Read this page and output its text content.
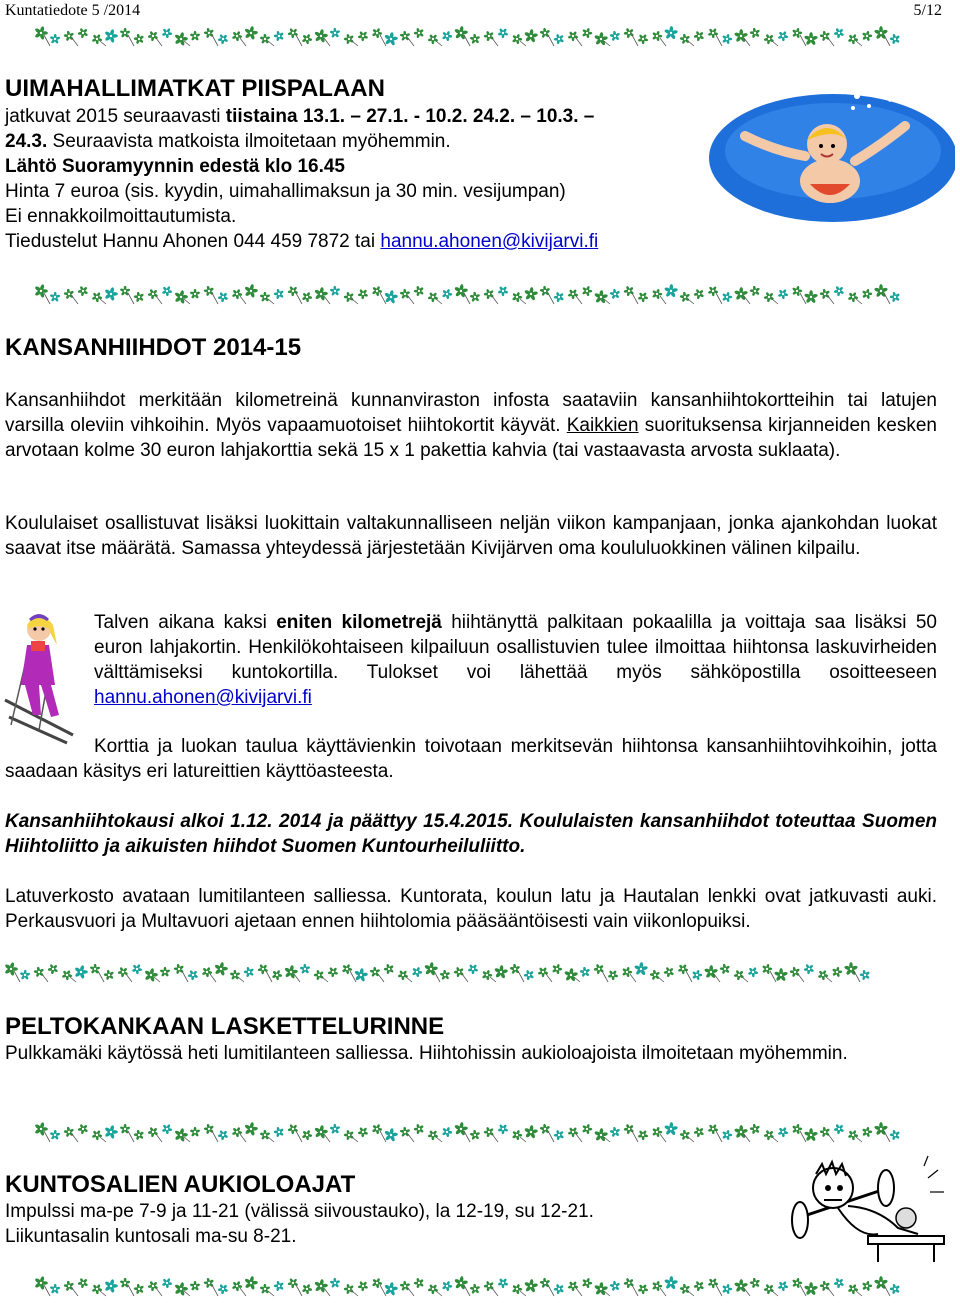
Kuntatiedote 5 /2014	5/12
UIMAHALLIMATKAT PIISPALAAN
jatkuvat 2015 seuraavasti tiistaina 13.1. – 27.1. - 10.2. 24.2. – 10.3. –
24.3. Seuraavista matkoista ilmoitetaan myöhemmin.
Lähtö Suoramyynnin edestä klo 16.45
Hinta 7 euroa (sis. kyydin, uimahallimaksun ja 30 min. vesijumpan)
Ei ennakkoilmoittautumista.
Tiedustelut Hannu Ahonen 044 459 7872 tai hannu.ahonen@kivijarvi.fi
KANSANHIIHDOT 2014-15

Kansanhiihdot merkitään kilometreinä kunnanviraston infosta saataviin kansanhiihtokortteihin tai latujen varsilla oleviin vihkoihin. Myös vapaamuotoiset hiihtokortit käyvät. Kaikkien suorituksensa kirjanneiden kesken arvotaan kolme 30 euron lahjakorttia sekä 15 x 1 pakettia kahvia (tai vastaavasta arvosta suklaata).

Koululaiset osallistuvat lisäksi luokittain valtakunnalliseen neljän viikon kampanjaan, jonka ajankohdan luokat saavat itse määrätä. Samassa yhteydessä järjestetään Kivijärven oma koululuokkinen välinen kilpailu.

Talven aikana kaksi eniten kilometrejä hiihtänyttä palkitaan pokaalilla ja voittaja saa lisäksi 50 euron lahjakortin. Henkilökohtaiseen kilpailuun osallistuvien tulee ilmoittaa hiihtonsa laskuvirheiden välttämiseksi kuntokortilla. Tulokset voi lähettää myös sähköpostilla osoitteeseen hannu.ahonen@kivijarvi.fi

Korttia ja luokan taulua käyttävienkin toivotaan merkitsevän hiihtonsa kansanhiihtovihkoihin, jotta saadaan käsitys eri latureittien käyttöasteesta.

Kansanhiihtokausi alkoi 1.12. 2014 ja päättyy 15.4.2015. Koululaisten kansanhiihdot toteuttaa Suomen Hiihtoliitto ja aikuisten hiihdot Suomen Kuntourheiluliitto.

Latuverkosto avataan lumitilanteen salliessa. Kuntorata, koulun latu ja Hautalan lenkki ovat jatkuvasti auki. Perkausvuori ja Multavuori ajetaan ennen hiihtolomia pääsääntöisesti vain viikonlopuiksi.

PELTOKANKAAN LASKETTELURINNE

Pulkkamäki käytössä heti lumitilanteen salliessa. Hiihtohissin aukioloajoista ilmoitetaan myöhemmin.

KUNTOSALIEN AUKIOLOAJAT
Impulssi ma-pe 7-9 ja 11-21 (välissä siivoustauko), la 12-19, su 12-21.
Liikuntasalin kuntosali ma-su 8-21.
